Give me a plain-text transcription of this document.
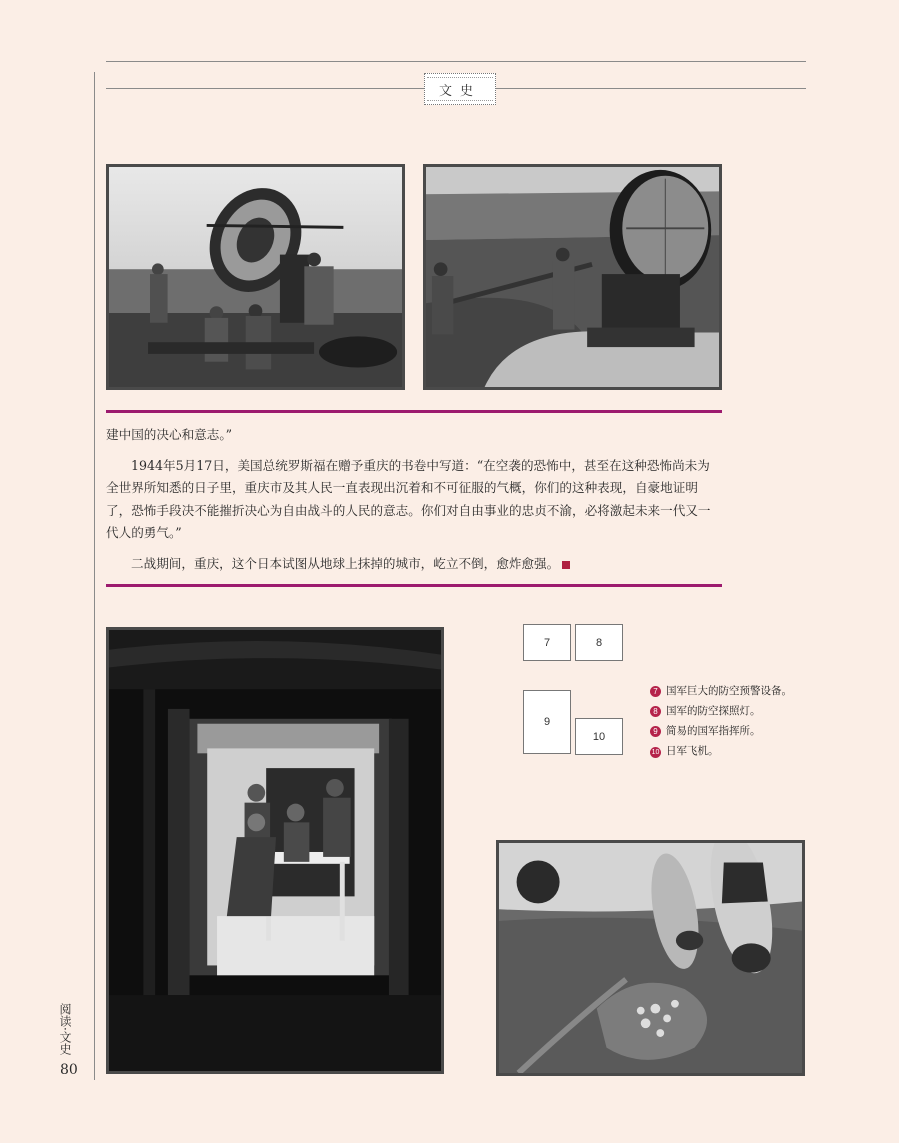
文史

建中国的决心和意志。”

1944年5月17日，美国总统罗斯福在赠予重庆的书卷中写道：“在空袭的恐怖中，甚至在这种恐怖尚未为全世界所知悉的日子里，重庆市及其人民一直表现出沉着和不可征服的气概，你们的这种表现，自豪地证明了，恐怖手段决不能摧折决心为自由战斗的人民的意志。你们对自由事业的忠贞不渝，必将激起未来一代又一代人的勇气。”

二战期间，重庆，这个日本试图从地球上抹掉的城市，屹立不倒，愈炸愈强。

7	8
9
10
7 国军巨大的防空预警设备。
8 国军的防空探照灯。
9 简易的国军指挥所。
10 日军飞机。
阅读·文史
80
